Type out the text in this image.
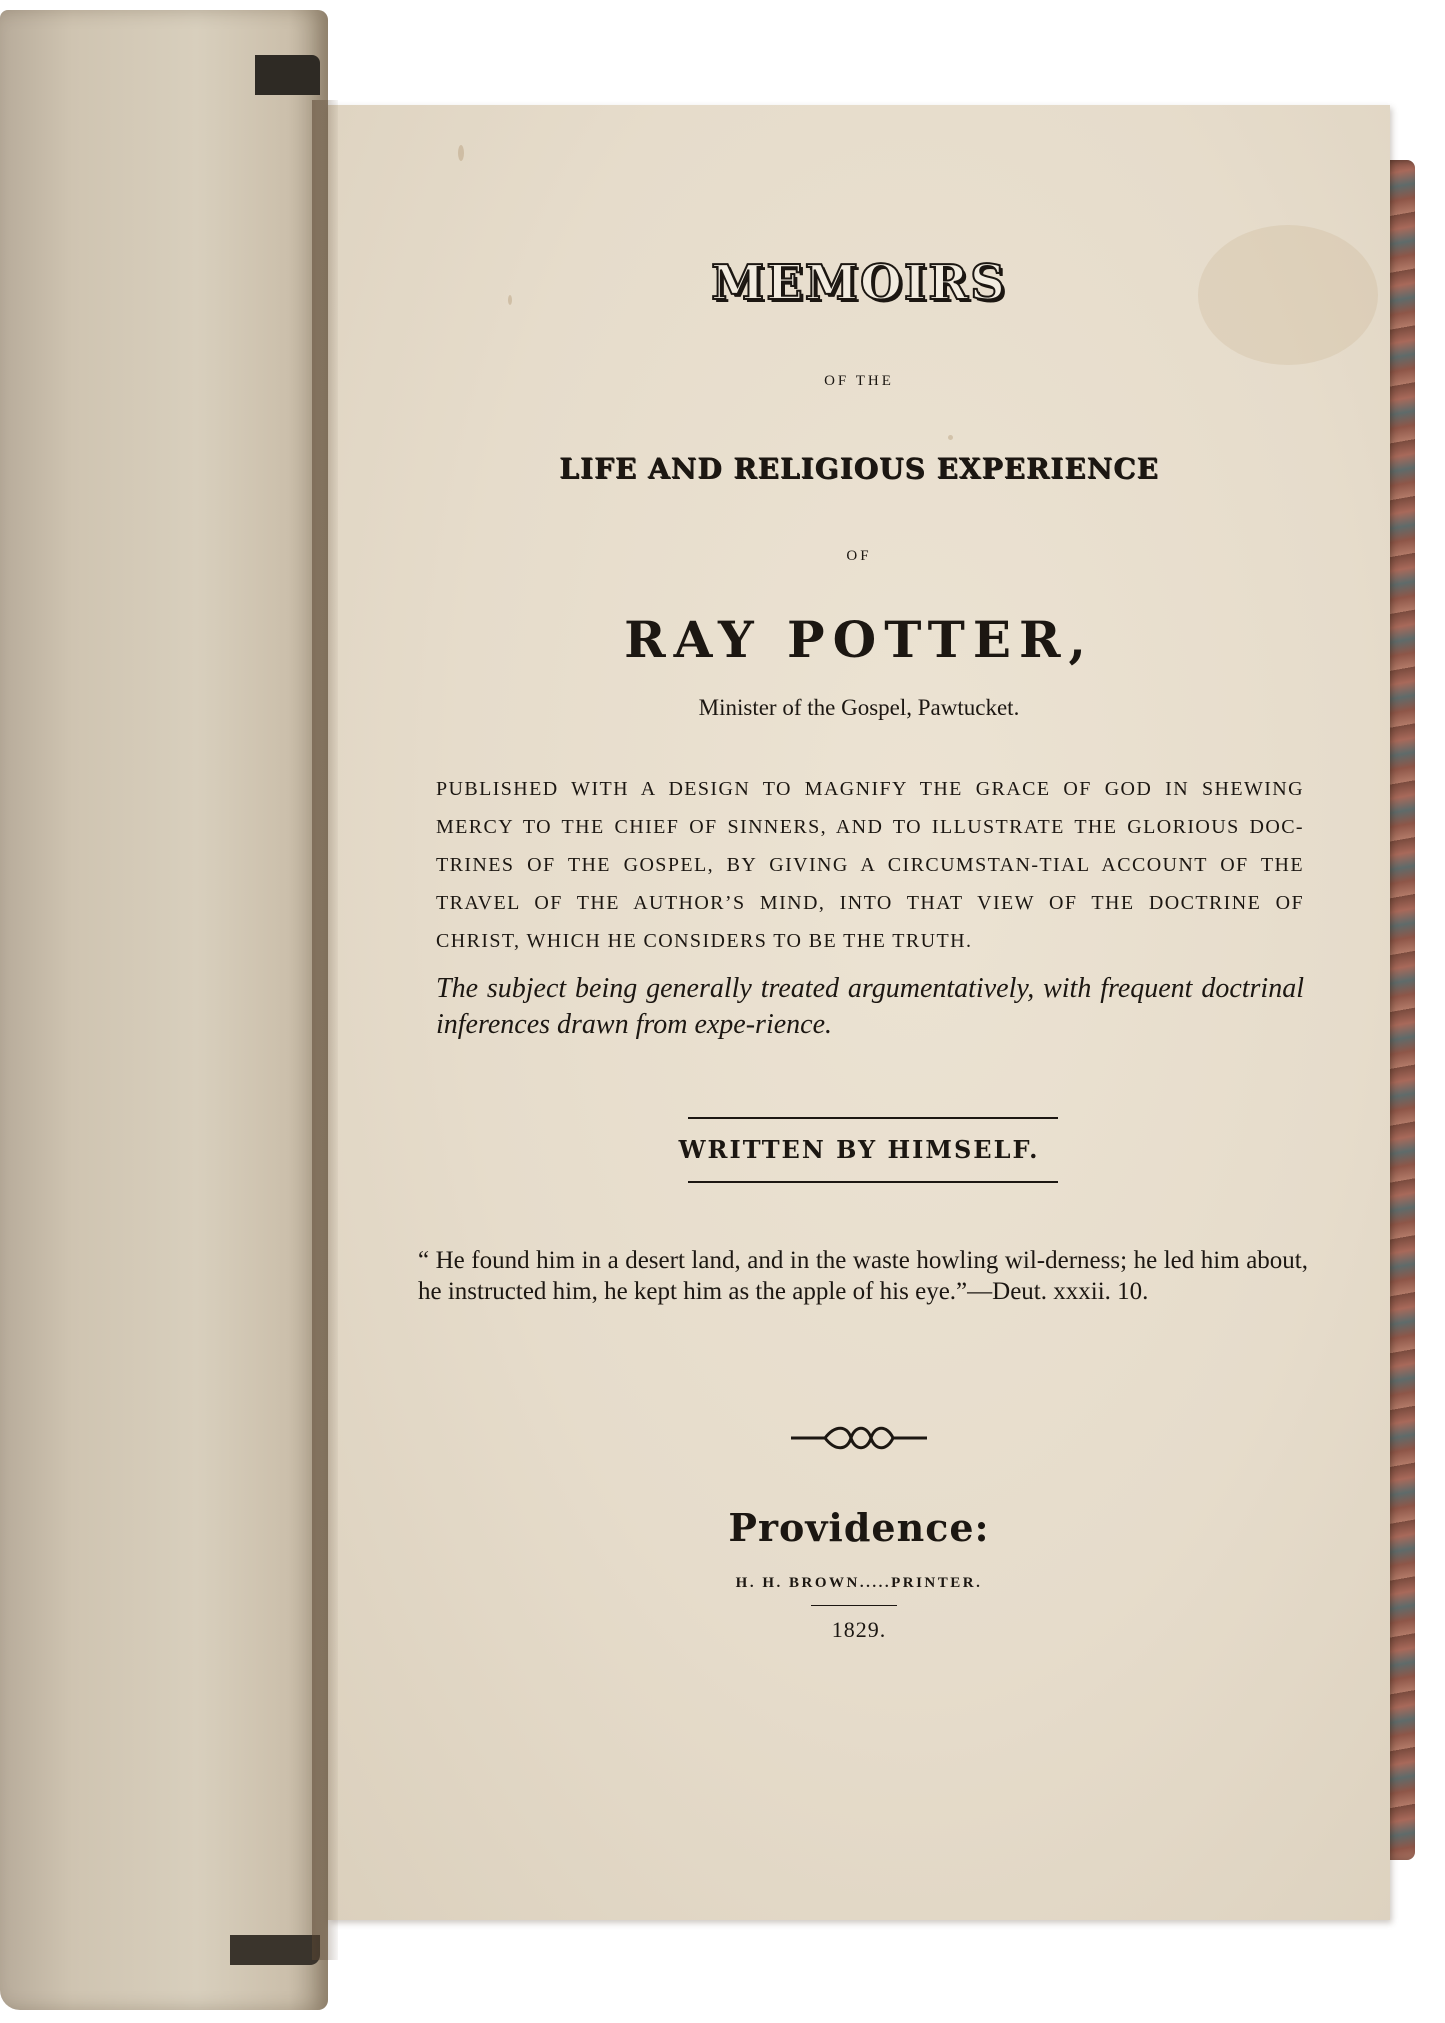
MEMOIRS
OF THE
LIFE AND RELIGIOUS EXPERIENCE
OF
RAY POTTER,
Minister of the Gospel, Pawtucket.
PUBLISHED WITH A DESIGN TO MAGNIFY THE GRACE OF GOD IN SHEWING MERCY TO THE CHIEF OF SINNERS, AND TO ILLUSTRATE THE GLORIOUS DOC-TRINES OF THE GOSPEL, BY GIVING A CIRCUMSTAN-TIAL ACCOUNT OF THE TRAVEL OF THE AUTHOR’S MIND, INTO THAT VIEW OF THE DOCTRINE OF CHRIST, WHICH HE CONSIDERS TO BE THE TRUTH.
The subject being generally treated argumentatively, with frequent doctrinal inferences drawn from expe-rience.
WRITTEN BY HIMSELF.
“ He found him in a desert land, and in the waste howling wil-derness; he led him about, he instructed him, he kept him as the apple of his eye.”—Deut. xxxii. 10.
Providence:
H. H. BROWN.....PRINTER.
1829.
